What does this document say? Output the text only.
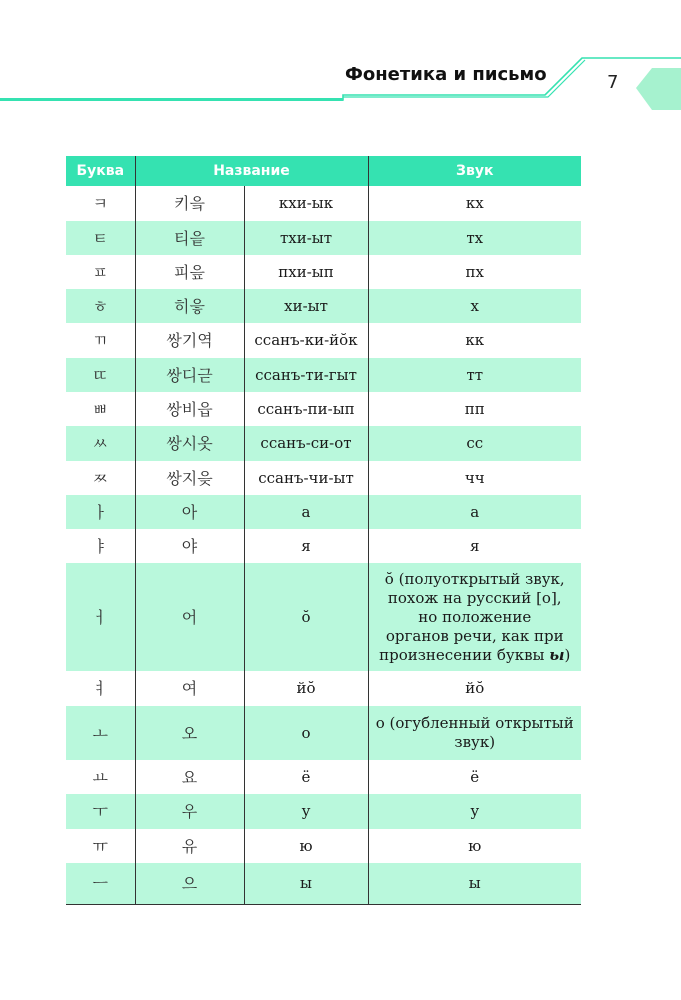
Фонетика и письмо	7
Буква	Название		Звук
ㅋ	키읔	кхи-ык	кх
ㅌ	티읕	тхи-ыт	тх
ㅍ	피읖	пхи-ып	пх
ㅎ	히읗	хи-ыт	х
ㄲ	쌍기역	ссанъ-ки-йŏк	кк
ㄸ	쌍디귿	ссанъ-ти-гыт	тт
ㅃ	쌍비읍	ссанъ-пи-ып	пп
ㅆ	쌍시옷	ссанъ-си-от	сс
ㅉ	쌍지읒	ссанъ-чи-ыт	чч
ㅏ	아	а	а
ㅑ	야	я	я
ㅓ	어	ŏ	ŏ (полуоткрытый звук,
похож на русский [о],
но положение
органов речи, как при
произнесении буквы ы)

ㅕ	여	йŏ	йŏ
ㅗ	오	о	о (огубленный открытый
звук)

ㅛ	요	ё	ё
ㅜ	우	у	у
ㅠ	유	ю	ю
ㅡ	으	ы	ы
